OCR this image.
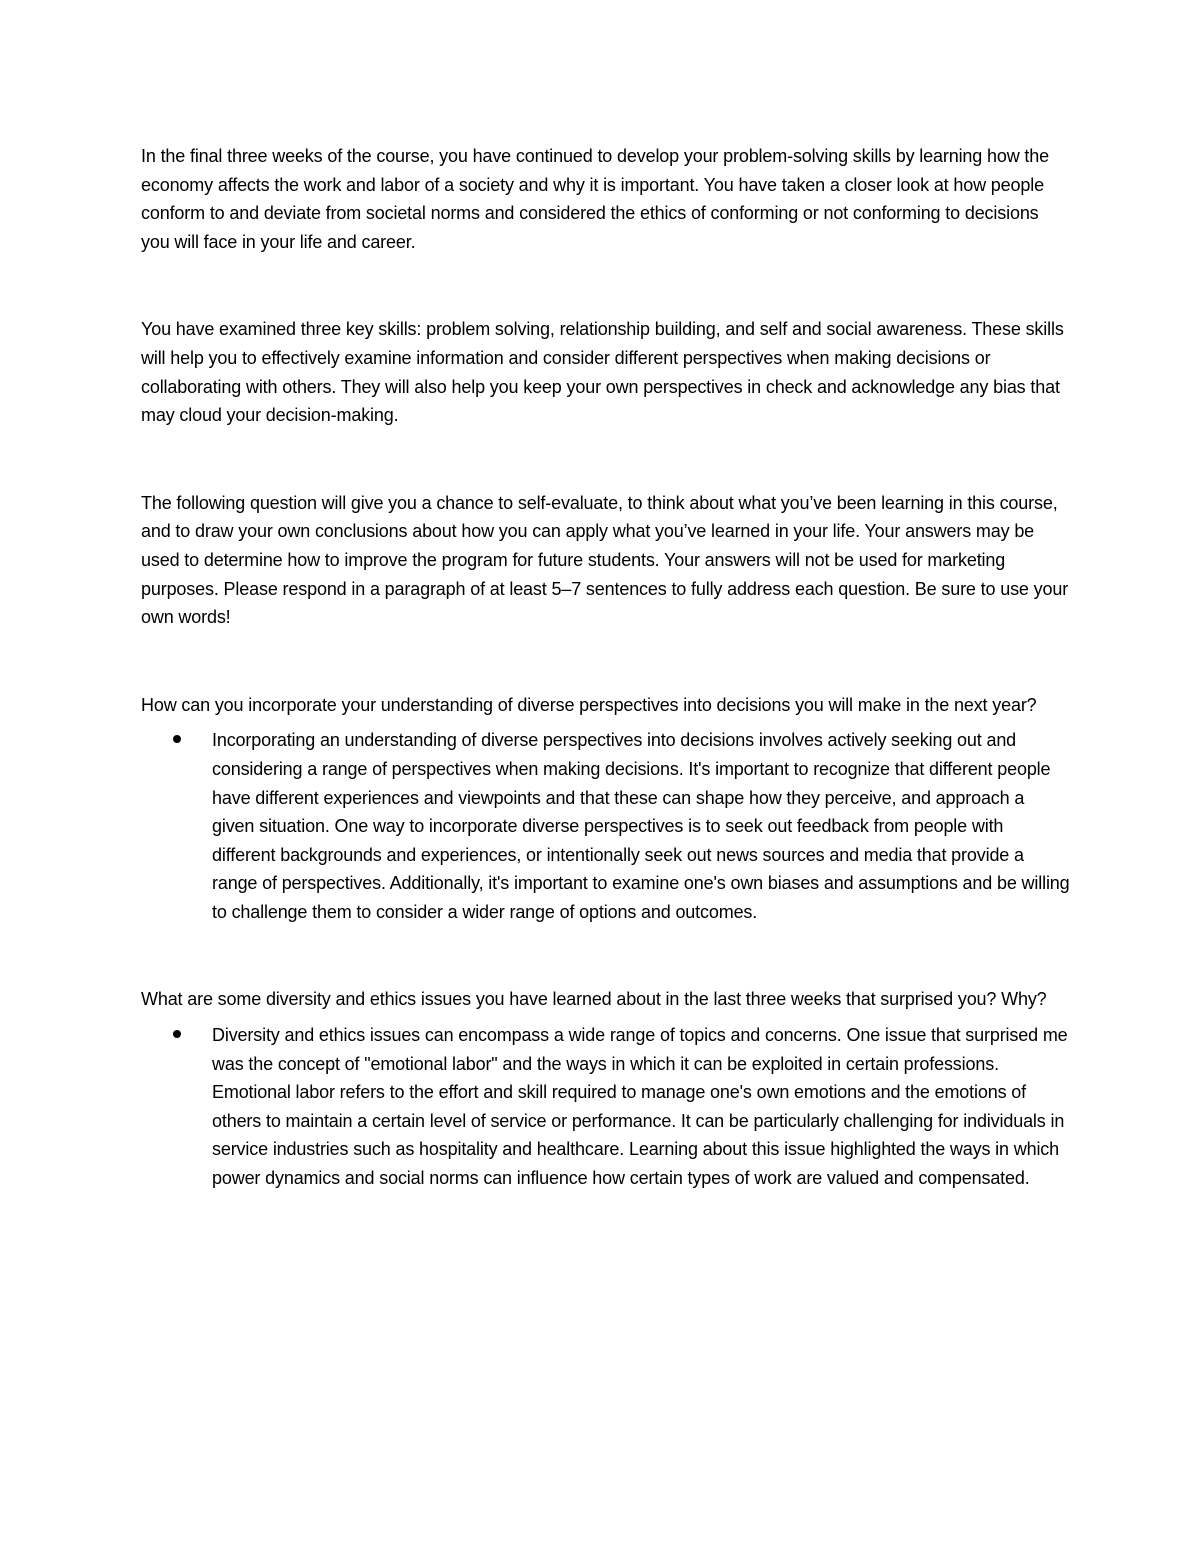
In the final three weeks of the course, you have continued to develop your problem-solving skills by learning how the economy affects the work and labor of a society and why it is important. You have taken a closer look at how people conform to and deviate from societal norms and considered the ethics of conforming or not conforming to decisions you will face in your life and career.

You have examined three key skills: problem solving, relationship building, and self and social awareness. These skills will help you to effectively examine information and consider different perspectives when making decisions or collaborating with others. They will also help you keep your own perspectives in check and acknowledge any bias that may cloud your decision-making.

The following question will give you a chance to self-evaluate, to think about what you’ve been learning in this course, and to draw your own conclusions about how you can apply what you’ve learned in your life. Your answers may be used to determine how to improve the program for future students. Your answers will not be used for marketing purposes. Please respond in a paragraph of at least 5–7 sentences to fully address each question. Be sure to use your own words!

How can you incorporate your understanding of diverse perspectives into decisions you will make in the next year?

Incorporating an understanding of diverse perspectives into decisions involves actively seeking out and considering a range of perspectives when making decisions. It's important to recognize that different people have different experiences and viewpoints and that these can shape how they perceive, and approach a given situation. One way to incorporate diverse perspectives is to seek out feedback from people with different backgrounds and experiences, or intentionally seek out news sources and media that provide a range of perspectives. Additionally, it's important to examine one's own biases and assumptions and be willing to challenge them to consider a wider range of options and outcomes.

What are some diversity and ethics issues you have learned about in the last three weeks that surprised you? Why?

Diversity and ethics issues can encompass a wide range of topics and concerns. One issue that surprised me was the concept of "emotional labor" and the ways in which it can be exploited in certain professions. Emotional labor refers to the effort and skill required to manage one's own emotions and the emotions of others to maintain a certain level of service or performance. It can be particularly challenging for individuals in service industries such as hospitality and healthcare. Learning about this issue highlighted the ways in which power dynamics and social norms can influence how certain types of work are valued and compensated.
